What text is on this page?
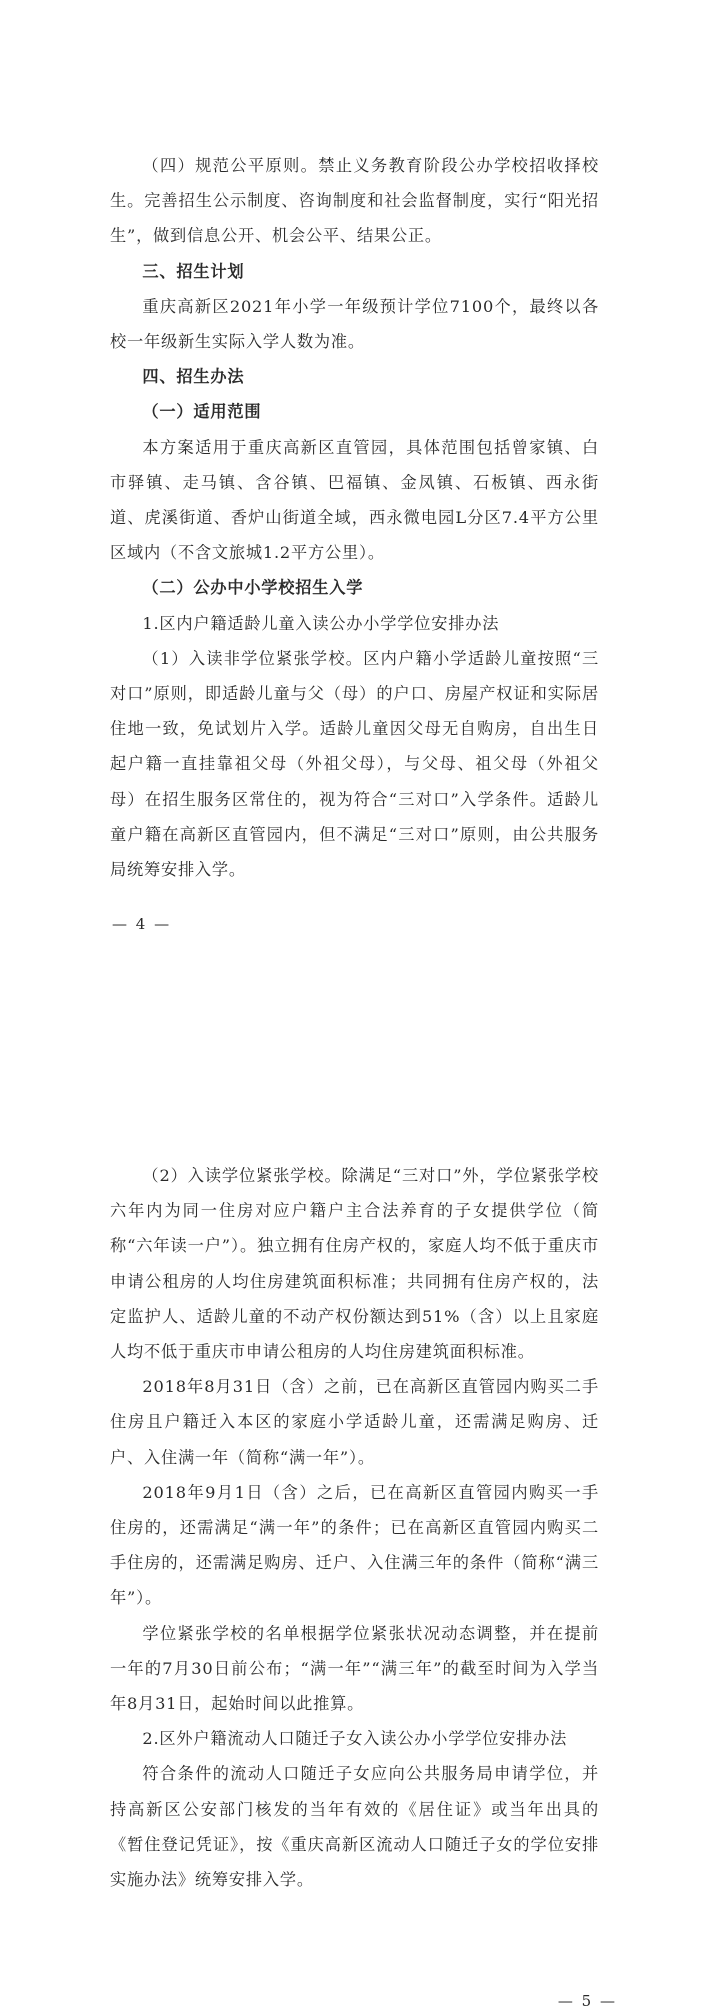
（四）规范公平原则。禁止义务教育阶段公办学校招收择校生。完善招生公示制度、咨询制度和社会监督制度，实行“阳光招生”，做到信息公开、机会公平、结果公正。

三、招生计划

重庆高新区2021年小学一年级预计学位7100个，最终以各校一年级新生实际入学人数为准。

四、招生办法

（一）适用范围

本方案适用于重庆高新区直管园，具体范围包括曾家镇、白市驿镇、走马镇、含谷镇、巴福镇、金凤镇、石板镇、西永街道、虎溪街道、香炉山街道全域，西永微电园L分区7.4平方公里区域内（不含文旅城1.2平方公里）。

（二）公办中小学校招生入学

1.区内户籍适龄儿童入读公办小学学位安排办法

（1）入读非学位紧张学校。区内户籍小学适龄儿童按照“三对口”原则，即适龄儿童与父（母）的户口、房屋产权证和实际居住地一致，免试划片入学。适龄儿童因父母无自购房，自出生日起户籍一直挂靠祖父母（外祖父母），与父母、祖父母（外祖父母）在招生服务区常住的，视为符合“三对口”入学条件。适龄儿童户籍在高新区直管园内，但不满足“三对口”原则，由公共服务局统筹安排入学。

— 4 —

（2）入读学位紧张学校。除满足“三对口”外，学位紧张学校六年内为同一住房对应户籍户主合法养育的子女提供学位（简称“六年读一户”）。独立拥有住房产权的，家庭人均不低于重庆市申请公租房的人均住房建筑面积标准；共同拥有住房产权的，法定监护人、适龄儿童的不动产权份额达到51%（含）以上且家庭人均不低于重庆市申请公租房的人均住房建筑面积标准。

2018年8月31日（含）之前，已在高新区直管园内购买二手住房且户籍迁入本区的家庭小学适龄儿童，还需满足购房、迁户、入住满一年（简称“满一年”）。

2018年9月1日（含）之后，已在高新区直管园内购买一手住房的，还需满足“满一年”的条件；已在高新区直管园内购买二手住房的，还需满足购房、迁户、入住满三年的条件（简称“满三年”）。

学位紧张学校的名单根据学位紧张状况动态调整，并在提前一年的7月30日前公布；“满一年”“满三年”的截至时间为入学当年8月31日，起始时间以此推算。

2.区外户籍流动人口随迁子女入读公办小学学位安排办法

符合条件的流动人口随迁子女应向公共服务局申请学位，并持高新区公安部门核发的当年有效的《居住证》或当年出具的《暂住登记凭证》，按《重庆高新区流动人口随迁子女的学位安排实施办法》统筹安排入学。

— 5 —
